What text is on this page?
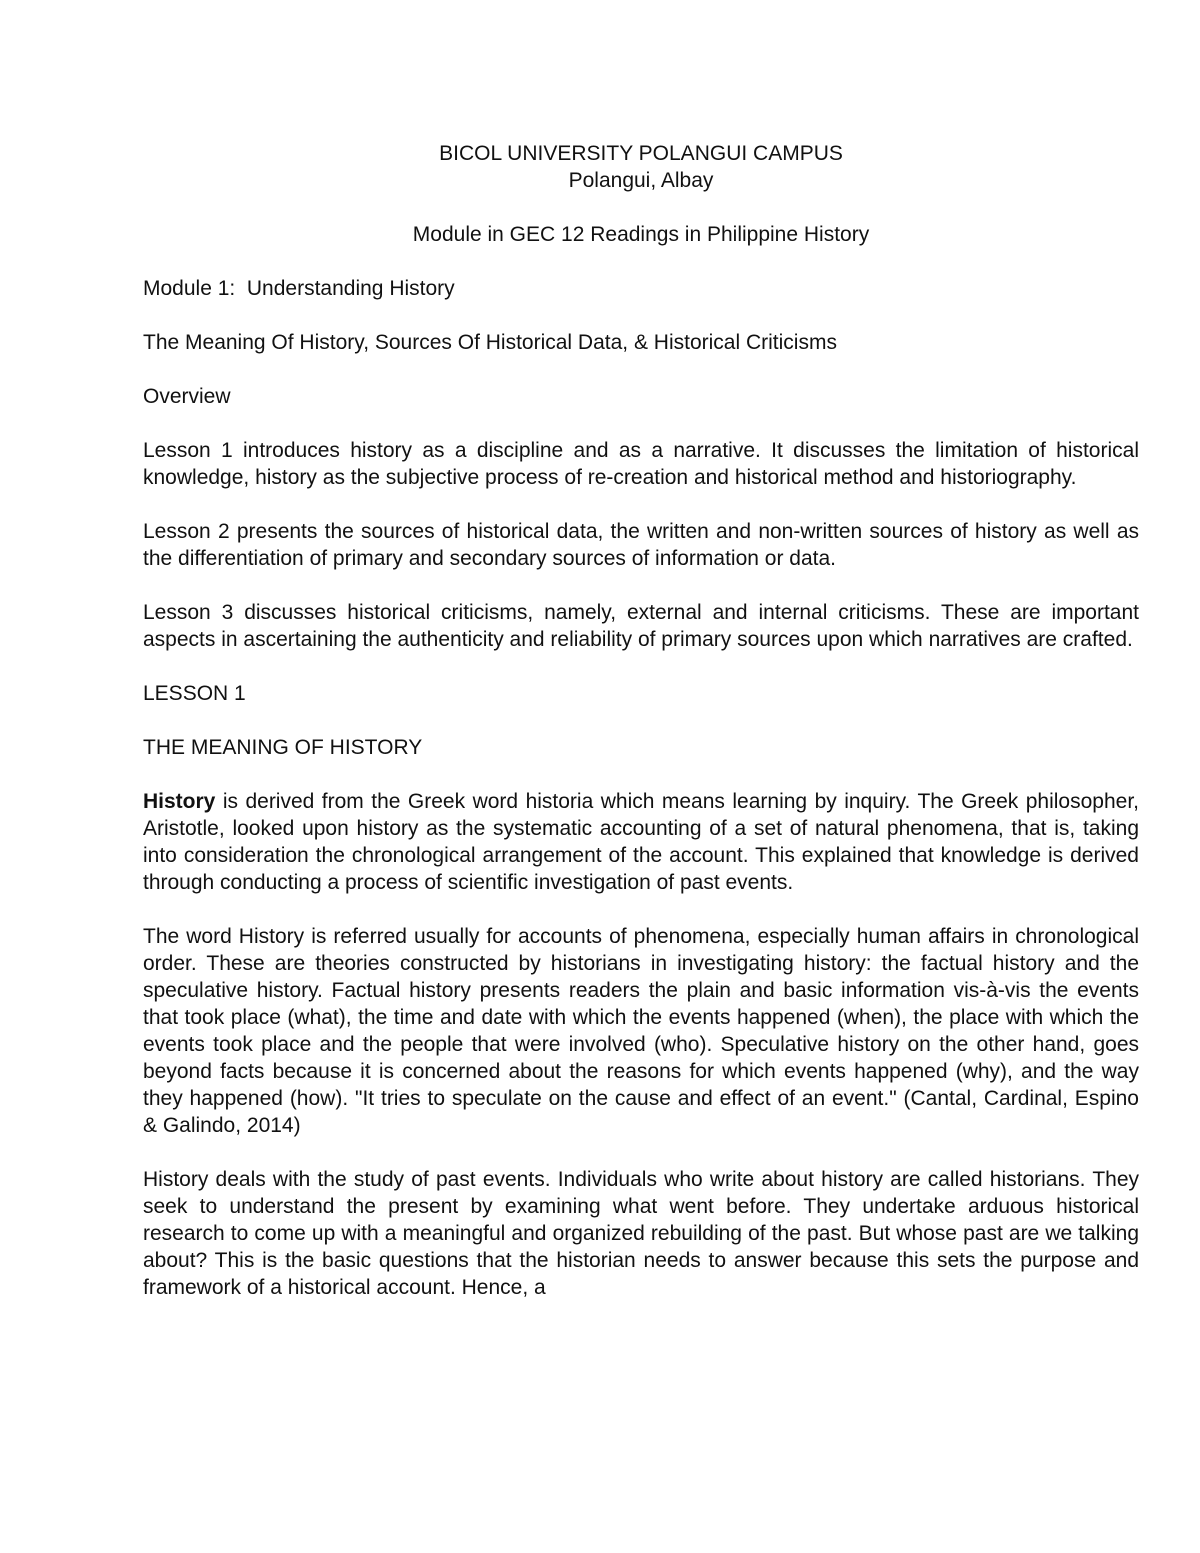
BICOL UNIVERSITY POLANGUI CAMPUS

Polangui, Albay

Module in GEC 12 Readings in Philippine History

Module 1:  Understanding History

The Meaning Of History, Sources Of Historical Data, & Historical Criticisms

Overview

Lesson 1 introduces history as a discipline and as a narrative. It discusses the limitation of historical knowledge, history as the subjective process of re-creation and historical method and historiography.

Lesson 2 presents the sources of historical data, the written and non-written sources of history as well as the differentiation of primary and secondary sources of information or data.

Lesson 3 discusses historical criticisms, namely, external and internal criticisms. These are important aspects in ascertaining the authenticity and reliability of primary sources upon which narratives are crafted.

LESSON 1

THE MEANING OF HISTORY

History is derived from the Greek word historia which means learning by inquiry. The Greek philosopher, Aristotle, looked upon history as the systematic accounting of a set of natural phenomena, that is, taking into consideration the chronological arrangement of the account. This explained that knowledge is derived through conducting a process of scientific investigation of past events.

The word History is referred usually for accounts of phenomena, especially human affairs in chronological order. These are theories constructed by historians in investigating history: the factual history and the speculative history. Factual history presents readers the plain and basic information vis-à-vis the events that took place (what), the time and date with which the events happened (when), the place with which the events took place and the people that were involved (who). Speculative history on the other hand, goes beyond facts because it is concerned about the reasons for which events happened (why), and the way they happened (how). "It tries to speculate on the cause and effect of an event." (Cantal, Cardinal, Espino & Galindo, 2014)

History deals with the study of past events. Individuals who write about history are called historians. They seek to understand the present by examining what went before. They undertake arduous historical research to come up with a meaningful and organized rebuilding of the past. But whose past are we talking about? This is the basic questions that the historian needs to answer because this sets the purpose and framework of a historical account. Hence, a
